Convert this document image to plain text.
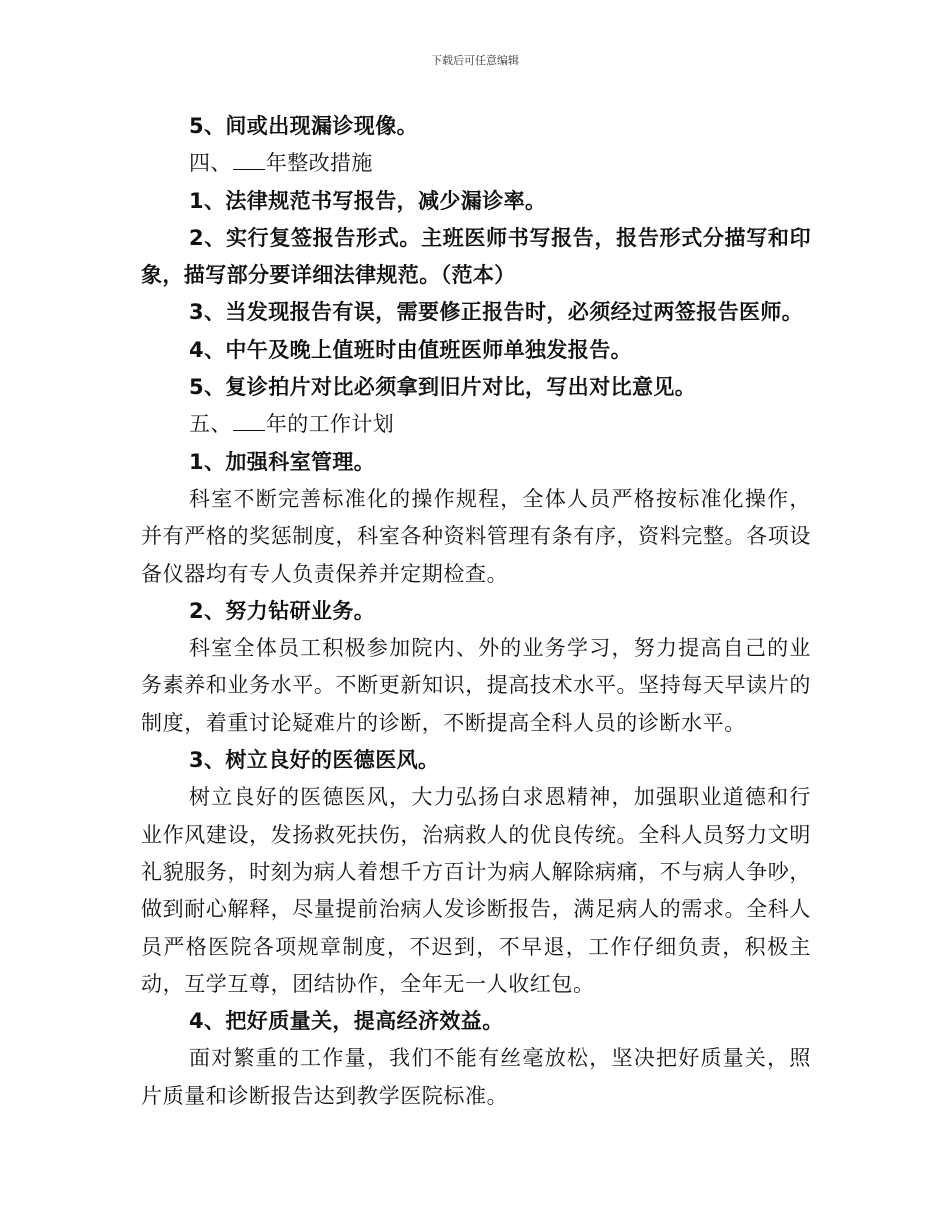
下载后可任意编辑

5、间或出现漏诊现像。

四、 年整改措施

1、法律规范书写报告，减少漏诊率。

2、实行复签报告形式。主班医师书写报告，报告形式分描写和印象，描写部分要详细法律规范。（范本）

3、当发现报告有误，需要修正报告时，必须经过两签报告医师。

4、中午及晚上值班时由值班医师单独发报告。

5、复诊拍片对比必须拿到旧片对比，写出对比意见。

五、 年的工作计划

1、加强科室管理。

科室不断完善标准化的操作规程，全体人员严格按标准化操作，并有严格的奖惩制度，科室各种资料管理有条有序，资料完整。各项设备仪器均有专人负责保养并定期检查。

2、努力钻研业务。

科室全体员工积极参加院内、外的业务学习，努力提高自己的业务素养和业务水平。不断更新知识，提高技术水平。坚持每天早读片的制度，着重讨论疑难片的诊断，不断提高全科人员的诊断水平。

3、树立良好的医德医风。

树立良好的医德医风，大力弘扬白求恩精神，加强职业道德和行业作风建设，发扬救死扶伤，治病救人的优良传统。全科人员努力文明礼貌服务，时刻为病人着想千方百计为病人解除病痛，不与病人争吵，做到耐心解释，尽量提前治病人发诊断报告，满足病人的需求。全科人员严格医院各项规章制度，不迟到，不早退，工作仔细负责，积极主动，互学互尊，团结协作，全年无一人收红包。

4、把好质量关，提高经济效益。

面对繁重的工作量，我们不能有丝毫放松，坚决把好质量关，照片质量和诊断报告达到教学医院标准。
